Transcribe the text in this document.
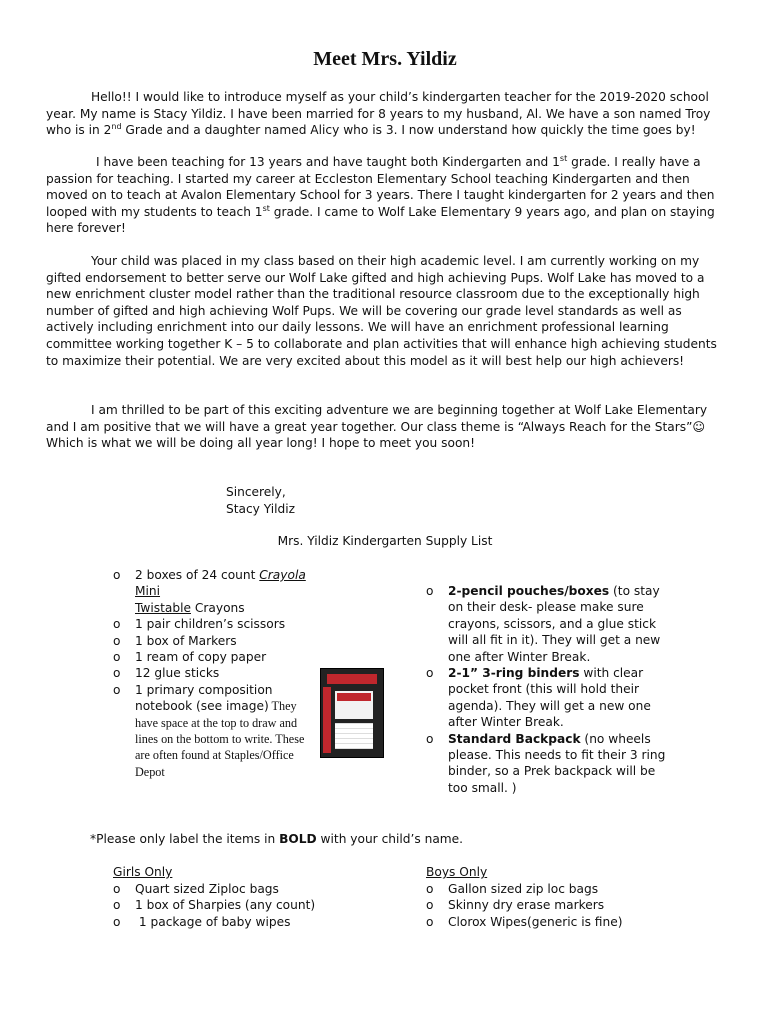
Meet Mrs. Yildiz

Hello!! I would like to introduce myself as your child’s kindergarten teacher for the 2019-2020 school year. My name is Stacy Yildiz. I have been married for 8 years to my husband, Al. We have a son named Troy who is in 2nd Grade and a daughter named Alicy who is 3. I now understand how quickly the time goes by!

I have been teaching for 13 years and have taught both Kindergarten and 1st grade. I really have a passion for teaching. I started my career at Eccleston Elementary School teaching Kindergarten and then moved on to teach at Avalon Elementary School for 3 years. There I taught kindergarten for 2 years and then looped with my students to teach 1st grade. I came to Wolf Lake Elementary 9 years ago, and plan on staying here forever!

Your child was placed in my class based on their high academic level. I am currently working on my gifted endorsement to better serve our Wolf Lake gifted and high achieving Pups. Wolf Lake has moved to a new enrichment cluster model rather than the traditional resource classroom due to the exceptionally high number of gifted and high achieving Wolf Pups. We will be covering our grade level standards as well as actively including enrichment into our daily lessons. We will have an enrichment professional learning committee working together K – 5 to collaborate and plan activities that will enhance high achieving students to maximize their potential. We are very excited about this model as it will best help our high achievers!

I am thrilled to be part of this exciting adventure we are beginning together at Wolf Lake Elementary and I am positive that we will have a great year together. Our class theme is “Always Reach for the Stars”☺ Which is what we will be doing all year long! I hope to meet you soon!

Sincerely,
Stacy Yildiz
Mrs. Yildiz Kindergarten Supply List
o 2 boxes of 24 count Crayola Mini
Twistable Crayons
o 1 pair children’s scissors
o 1 box of Markers
o 1 ream of copy paper
o 12 glue sticks
o 1 primary composition notebook (see image) They have space at the top to draw and lines on the bottom to write. These are often found at Staples/Office Depot
o 2-pencil pouches/boxes (to stay on their desk- please make sure crayons, scissors, and a glue stick will all fit in it). They will get a new one after Winter Break.
o 2-1” 3-ring binders with clear pocket front (this will hold their agenda). They will get a new one after Winter Break.
o Standard Backpack (no wheels please. This needs to fit their 3 ring binder, so a Prek backpack will be too small. )
*Please only label the items in BOLD with your child’s name.
Girls Only	Boys Only
o Quart sized Ziploc bags
o 1 box of Sharpies (any count)
o 1 package of baby wipes
o Gallon sized zip loc bags
o Skinny dry erase markers
o Clorox Wipes(generic is fine)
